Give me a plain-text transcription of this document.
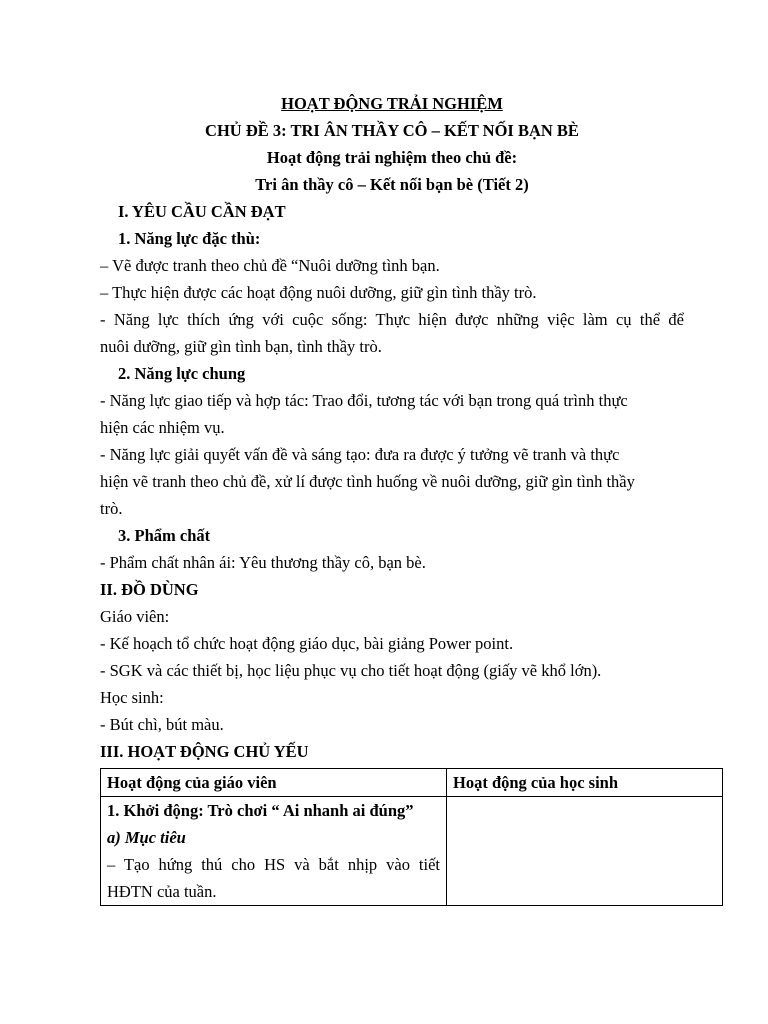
HOẠT ĐỘNG TRẢI NGHIỆM
CHỦ ĐỀ 3: TRI ÂN THẦY CÔ – KẾT NỐI BẠN BÈ
Hoạt động trải nghiệm theo chủ đề:
Tri ân thầy cô – Kết nối bạn bè (Tiết 2)
I. YÊU CẦU CẦN ĐẠT
1. Năng lực đặc thù:
– Vẽ được tranh theo chủ đề “Nuôi dưỡng tình bạn.
– Thực hiện được các hoạt động nuôi dưỡng, giữ gìn tình thầy trò.
- Năng lực thích ứng với cuộc sống: Thực hiện được những việc làm cụ thể để
nuôi dưỡng, giữ gìn tình bạn, tình thầy trò.
2. Năng lực chung
- Năng lực giao tiếp và hợp tác: Trao đổi, tương tác với bạn trong quá trình thực
hiện các nhiệm vụ.
- Năng lực giải quyết vấn đề và sáng tạo: đưa ra được ý tưởng vẽ tranh và thực
hiện vẽ tranh theo chủ đề, xử lí được tình huống về nuôi dưỡng, giữ gìn tình thầy
trò.
3. Phẩm chất
- Phẩm chất nhân ái: Yêu thương thầy cô, bạn bè.
II. ĐỒ DÙNG
Giáo viên:
- Kế hoạch tổ chức hoạt động giáo dục, bài giảng Power point.
- SGK và các thiết bị, học liệu phục vụ cho tiết hoạt động (giấy vẽ khổ lớn).
Học sinh:
- Bút chì, bút màu.
III. HOẠT ĐỘNG CHỦ YẾU
Hoạt động của giáo viên	Hoạt động của học sinh

1. Khởi động: Trò chơi “ Ai nhanh ai đúng”
a) Mục tiêu
– Tạo hứng thú cho HS và bắt nhịp vào tiết
HĐTN của tuần.	
